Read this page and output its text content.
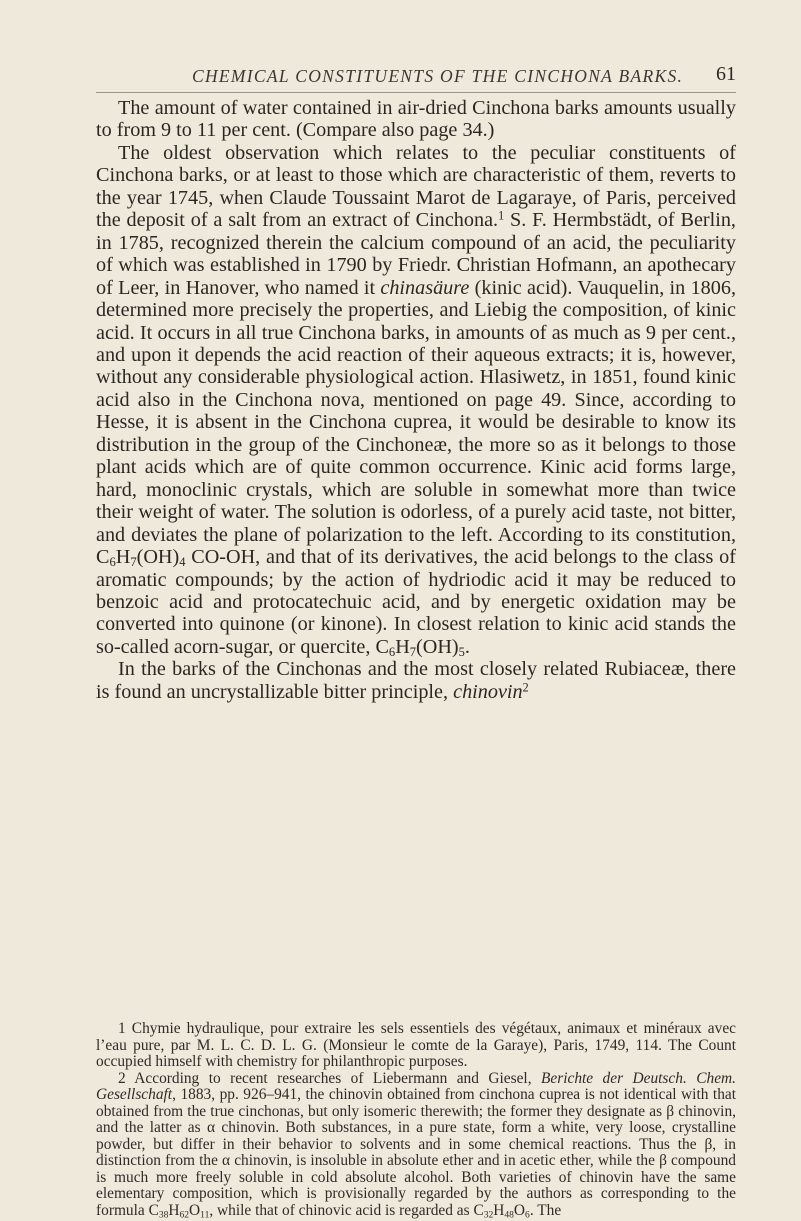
CHEMICAL CONSTITUENTS OF THE CINCHONA BARKS. 61

The amount of water contained in air-dried Cinchona barks amounts usually to from 9 to 11 per cent. (Compare also page 34.)

The oldest observation which relates to the peculiar constituents of Cinchona barks, or at least to those which are characteristic of them, reverts to the year 1745, when Claude Toussaint Marot de Lagaraye, of Paris, perceived the deposit of a salt from an extract of Cinchona.$^1$ S. F. Hermbstädt, of Berlin, in 1785, recognized therein the calcium compound of an acid, the peculiarity of which was established in 1790 by Friedr. Christian Hofmann, an apothecary of Leer, in Hanover, who named it chinasäure (kinic acid). Vauquelin, in 1806, determined more precisely the properties, and Liebig the composition, of kinic acid. It occurs in all true Cinchona barks, in amounts of as much as 9 per cent., and upon it depends the acid reaction of their aqueous extracts; it is, however, without any considerable physiological action. Hlasiwetz, in 1851, found kinic acid also in the Cinchona nova, mentioned on page 49. Since, according to Hesse, it is absent in the Cinchona cuprea, it would be desirable to know its distribution in the group of the Cinchoneæ, the more so as it belongs to those plant acids which are of quite common occurrence. Kinic acid forms large, hard, monoclinic crystals, which are soluble in somewhat more than twice their weight of water. The solution is odorless, of a purely acid taste, not bitter, and deviates the plane of polarization to the left. According to its constitution, $C_6H_7(OH)_4$ CO-OH, and that of its derivatives, the acid belongs to the class of aromatic compounds; by the action of hydriodic acid it may be reduced to benzoic acid and protocatechuic acid, and by energetic oxidation may be converted into quinone (or kinone). In closest relation to kinic acid stands the so-called acorn-sugar, or quercite, $C_6H_7(OH)_5$.

In the barks of the Cinchonas and the most closely related Rubiaceæ, there is found an uncrystallizable bitter principle, chinovin$^2$

1 Chymie hydraulique, pour extraire les sels essentiels des végétaux, animaux et minéraux avec l’eau pure, par M. L. C. D. L. G. (Monsieur le comte de la Garaye), Paris, 1749, 114. The Count occupied himself with chemistry for philanthropic purposes.

2 According to recent researches of Liebermann and Giesel, Berichte der Deutsch. Chem. Gesellschaft, 1883, pp. 926–941, the chinovin obtained from cinchona cuprea is not identical with that obtained from the true cinchonas, but only isomeric therewith; the former they designate as β chinovin, and the latter as α chinovin. Both substances, in a pure state, form a white, very loose, crystalline powder, but differ in their behavior to solvents and in some chemical reactions. Thus the β, in distinction from the α chinovin, is insoluble in absolute ether and in acetic ether, while the β compound is much more freely soluble in cold absolute alcohol. Both varieties of chinovin have the same elementary composition, which is provisionally regarded by the authors as corresponding to the formula $C_{38}H_{62}O_{11}$, while that of chinovic acid is regarded as $C_{32}H_{48}O_6$. The
